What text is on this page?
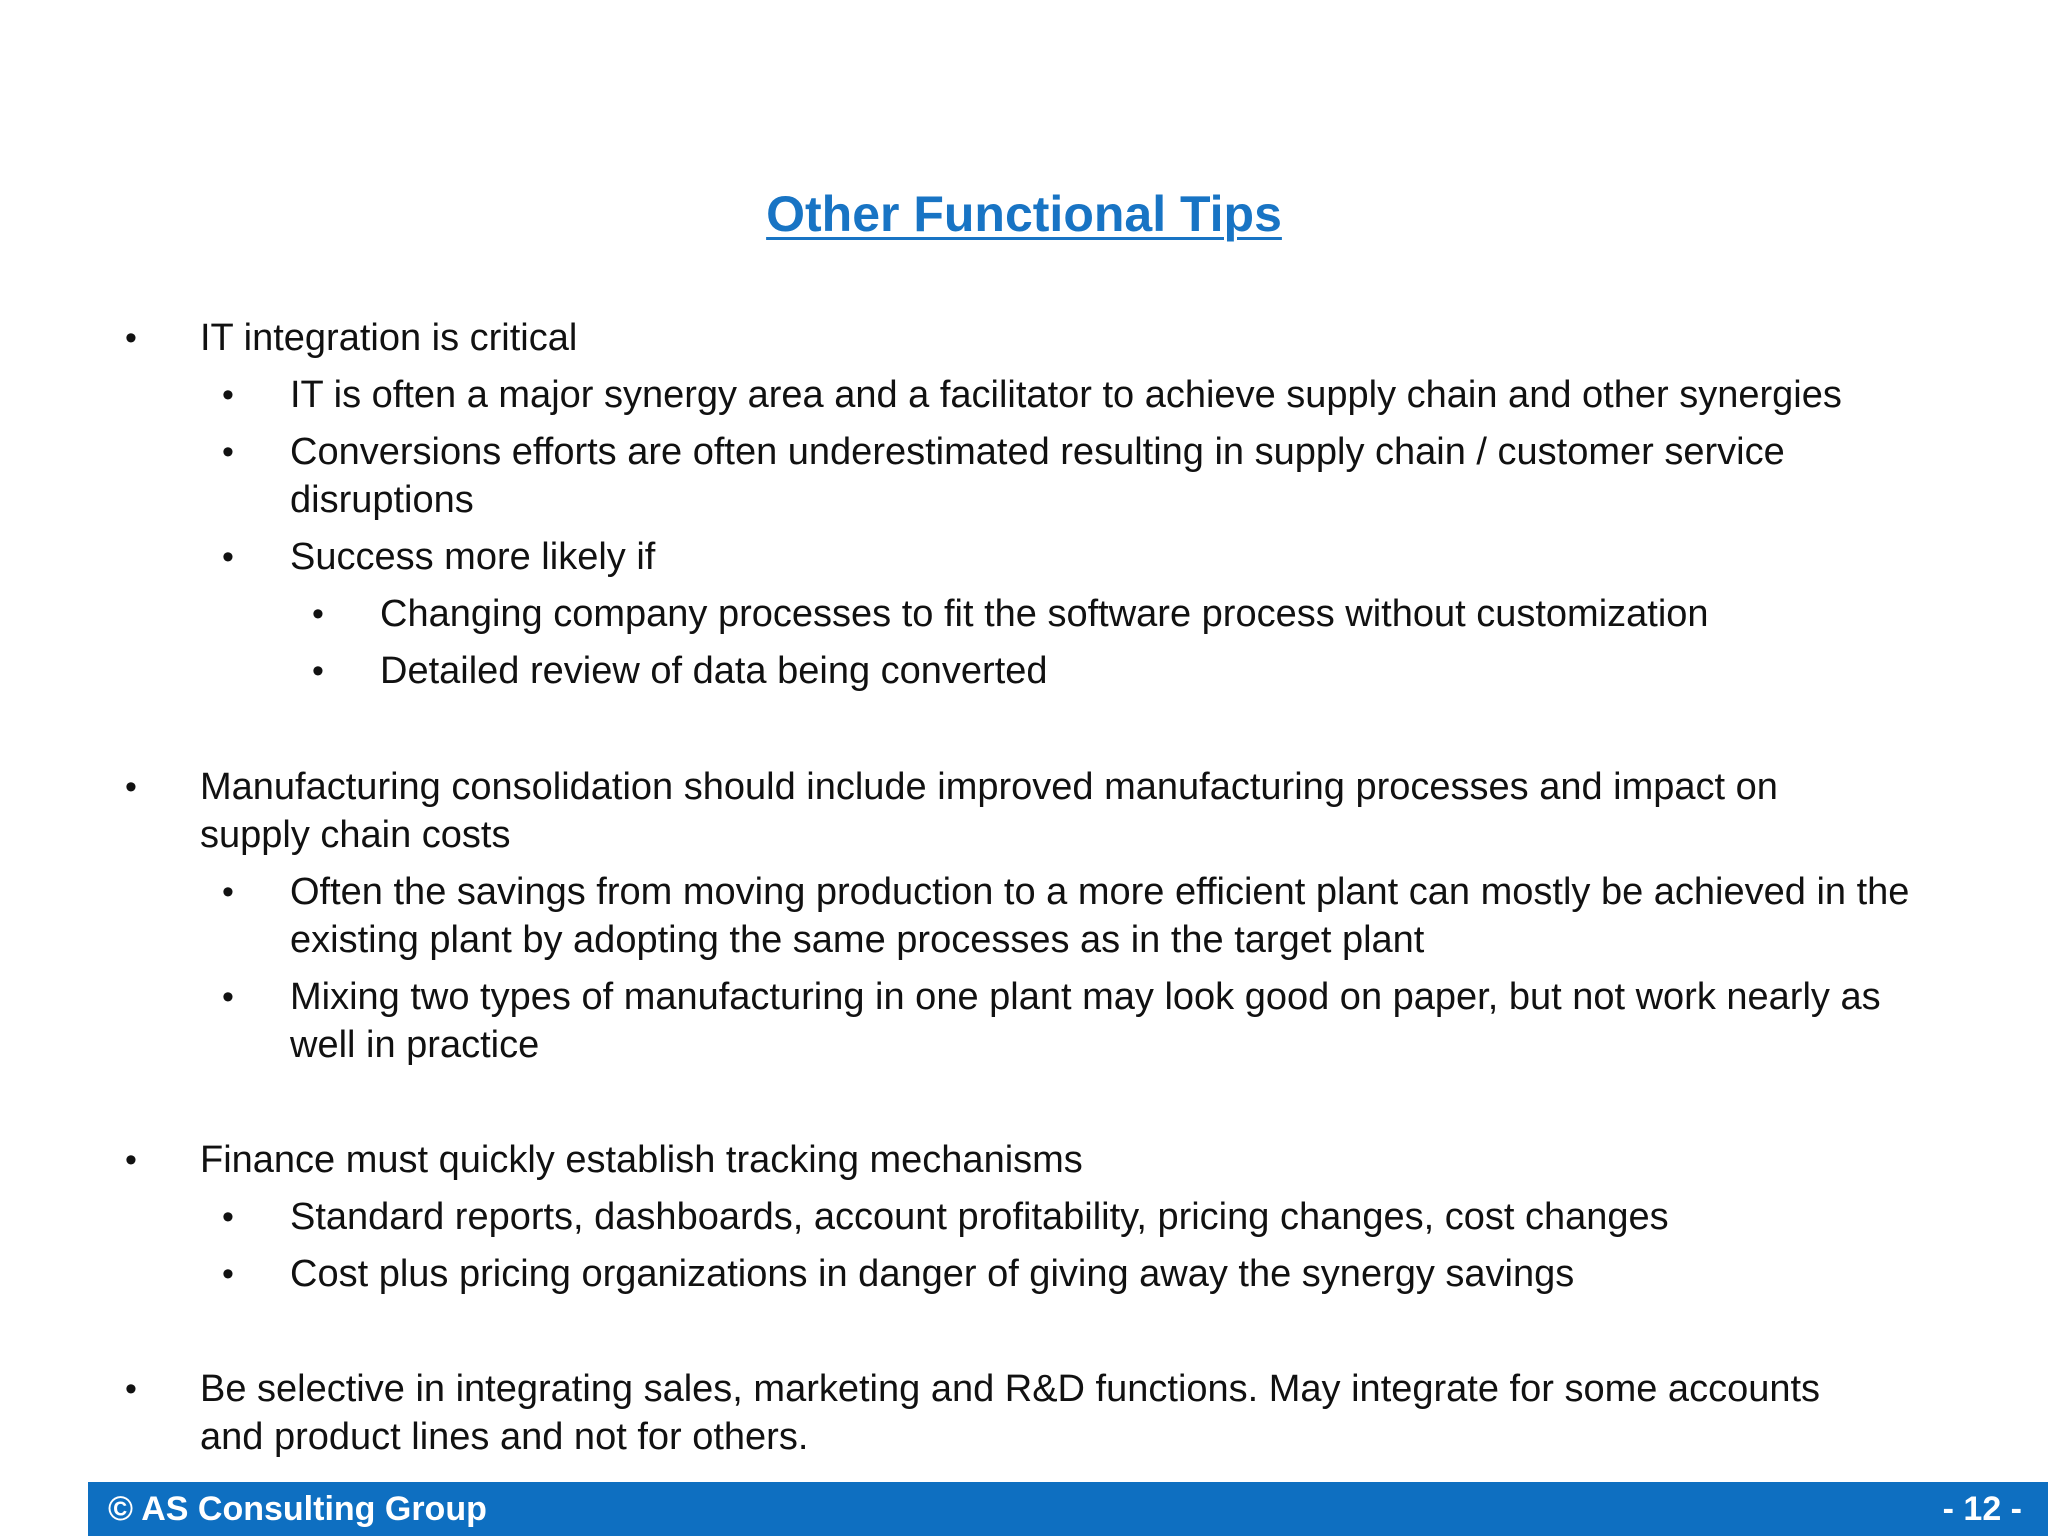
Other Functional Tips
• IT integration is critical
• IT is often a major synergy area and a facilitator to achieve supply chain and other synergies
• Conversions efforts are often underestimated resulting in supply chain / customer service disruptions
• Success more likely if
• Changing company processes to fit the software process without customization
• Detailed review of data being converted
• Manufacturing consolidation should include improved manufacturing processes and impact on supply chain costs
• Often the savings from moving production to a more efficient plant can mostly be achieved in the existing plant by adopting the same processes as in the target plant
• Mixing two types of manufacturing in one plant may look good on paper, but not work nearly as well in practice
• Finance must quickly establish tracking mechanisms
• Standard reports, dashboards, account profitability, pricing changes, cost changes
• Cost plus pricing organizations in danger of giving away the synergy savings
• Be selective in integrating sales, marketing and R&D functions. May integrate for some accounts and product lines and not for others.
© AS Consulting Group	- 12 -
